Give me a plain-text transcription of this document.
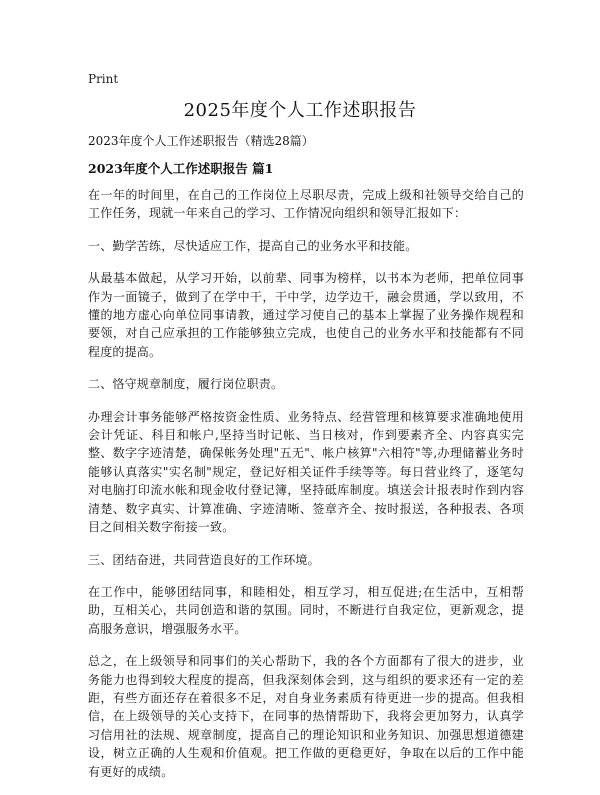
Print
2025年度个人工作述职报告

2023年度个人工作述职报告（精选28篇）

2023年度个人工作述职报告 篇1

在一年的时间里，在自己的工作岗位上尽职尽责，完成上级和社领导交给自己的工作任务，现就一年来自己的学习、工作情况向组织和领导汇报如下：

一、勤学苦练，尽快适应工作，提高自己的业务水平和技能。

从最基本做起，从学习开始，以前辈、同事为榜样，以书本为老师，把单位同事作为一面镜子，做到了在学中干，干中学，边学边干，融会贯通，学以致用，不懂的地方虚心向单位同事请教，通过学习使自己的基本上掌握了业务操作规程和要领，对自己应承担的工作能够独立完成，也使自己的业务水平和技能都有不同程度的提高。

二、恪守规章制度，履行岗位职责。

办理会计事务能够严格按资金性质、业务特点、经营管理和核算要求准确地使用会计凭证、科目和帐户,坚持当时记帐、当日核对，作到要素齐全、内容真实完整、数字字迹清楚，确保帐务处理"五无"、帐户核算"六相符"等,办理储蓄业务时能够认真落实"实名制"规定，登记好相关证件手续等等。每日营业终了，逐笔勾对电脑打印流水帐和现金收付登记簿，坚持砥库制度。填送会计报表时作到内容清楚、数字真实、计算准确、字迹清晰、签章齐全、按时报送，各种报表、各项目之间相关数字衔接一致。

三、团结奋进，共同营造良好的工作环境。

在工作中，能够团结同事，和睦相处，相互学习，相互促进;在生活中，互相帮助，互相关心，共同创造和谐的氛围。同时，不断进行自我定位，更新观念，提高服务意识，增强服务水平。

总之，在上级领导和同事们的关心帮助下，我的各个方面都有了很大的进步，业务能力也得到较大程度的提高，但我深刻体会到，这与组织的要求还有一定的差距，有些方面还存在着很多不足，对自身业务素质有待更进一步的提高。但我相信，在上级领导的关心支持下，在同事的热情帮助下，我将会更加努力，认真学习信用社的法规、规章制度，提高自己的理论知识和业务知识、加强思想道德建设，树立正确的人生观和价值观。把工作做的更稳更好，争取在以后的工作中能有更好的成绩。
